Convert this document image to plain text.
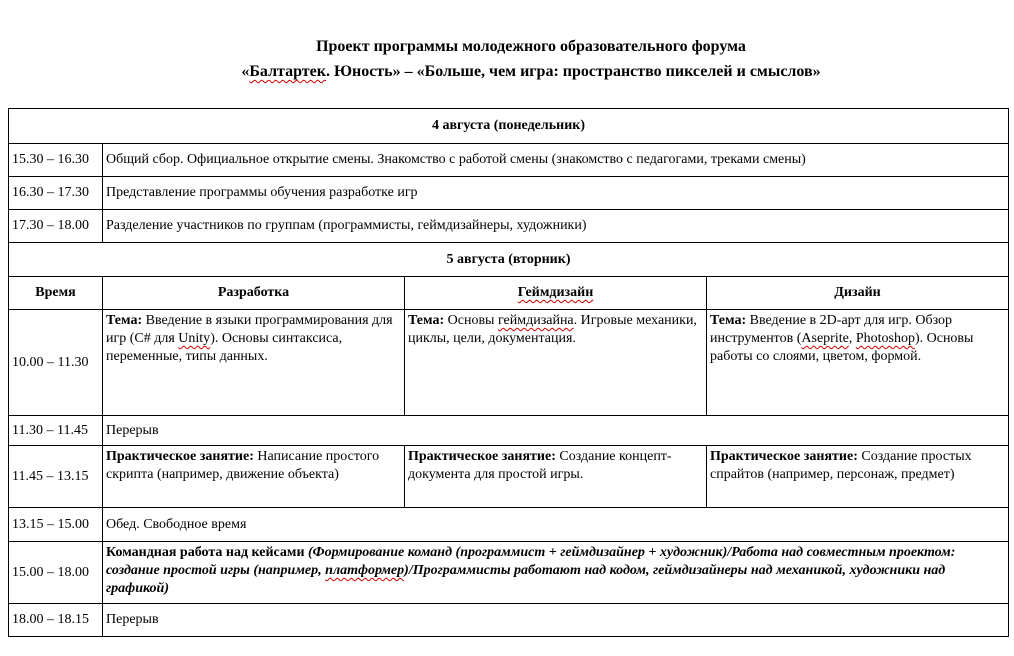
Проект программы молодежного образовательного форума
«Балтартек. Юность» – «Больше, чем игра: пространство пикселей и смыслов»
4 августа (понедельник)			
15.30 – 16.30	Общий сбор. Официальное открытие смены. Знакомство с работой смены (знакомство с педагогами, треками смены)		
16.30 – 17.30	Представление программы обучения разработке игр		
17.30 – 18.00	Разделение участников по группам (программисты, геймдизайнеры, художники)		
5 августа (вторник)			
Время	Разработка	Геймдизайн	Дизайн
10.00 – 11.30	Тема: Введение в языки программирования для игр (C# для Unity). Основы синтаксиса, переменные, типы данных.	Тема: Основы геймдизайна. Игровые механики, циклы, цели, документация.	Тема: Введение в 2D-арт для игр. Обзор инструментов (Aseprite, Photoshop). Основы работы со слоями, цветом, формой.
11.30 – 11.45	Перерыв		
11.45 – 13.15	Практическое занятие: Написание простого скрипта (например, движение объекта)	Практическое занятие: Создание концепт-документа для простой игры.	Практическое занятие: Создание простых спрайтов (например, персонаж, предмет)
13.15 – 15.00	Обед. Свободное время		
15.00 – 18.00	Командная работа над кейсами (Формирование команд (программист + геймдизайнер + художник)/Работа над совместным проектом: создание простой игры (например, платформер)/Программисты работают над кодом, геймдизайнеры над механикой, художники над графикой)		
18.00 – 18.15	Перерыв		
